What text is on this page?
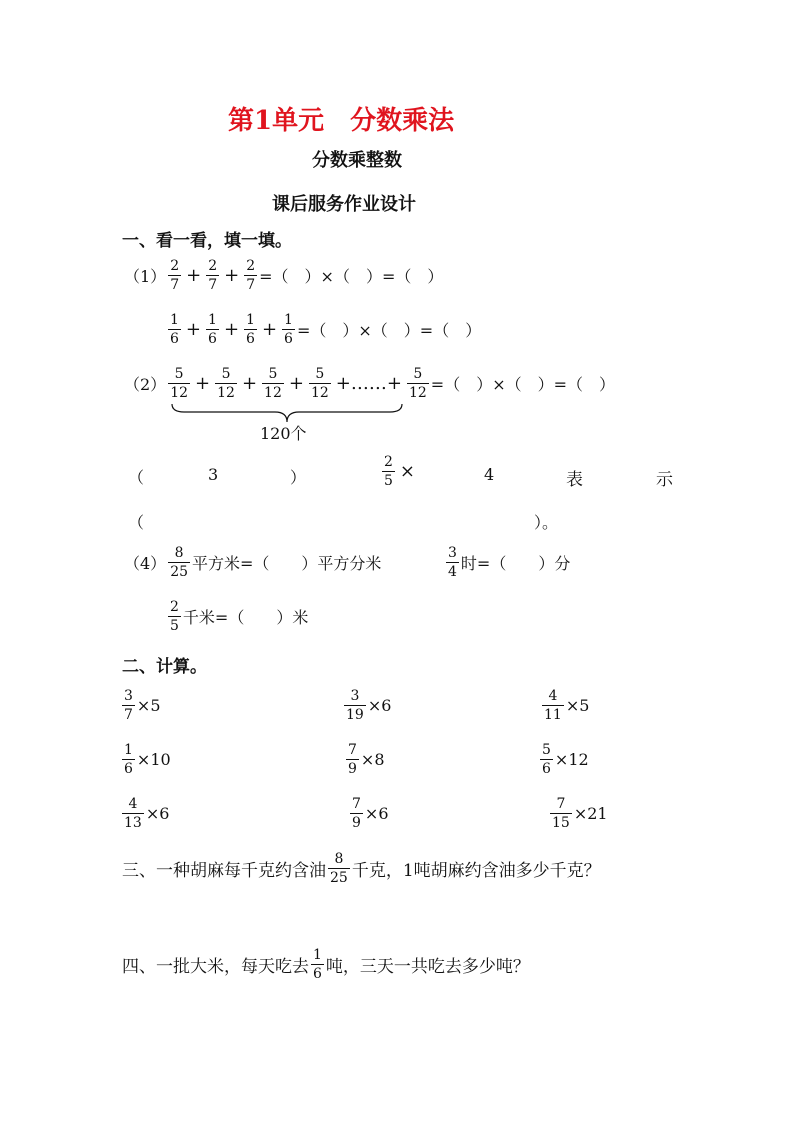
第1单元　分数乘法
分数乘整数
课后服务作业设计
一、看一看，填一填。
$(1) \frac{2}{7} + \frac{2}{7} + \frac{2}{7}$ =（　）×（　）=（　）
$\frac{1}{6} + \frac{1}{6} + \frac{1}{6} + \frac{1}{6}$ =（　）×（　）=（　）
$(2) \frac{5}{12} + \frac{5}{12} + \frac{5}{12} + \frac{5}{12}$ +……+ $\frac{5}{12}$ =（　）×（　）=（　）
120个
（	3	）	$\frac{2}{5}$ ×	4	表	示
（	）。
$(4) \frac{8}{25}$ 平方米=（　　）平方分米	$\frac{3}{4}$ 时=（　　）分
$\frac{2}{5}$ 千米=（　　）米
二、计算。
$\frac{3}{7} \times 5$	$\frac{3}{19} \times 6$	$\frac{4}{11} \times 5$
$\frac{1}{6} \times 10$	$\frac{7}{9} \times 8$	$\frac{5}{6} \times 12$
$\frac{4}{13} \times 6$	$\frac{7}{9} \times 6$	$\frac{7}{15} \times 21$
三、一种胡麻每千克约含油 $\frac{8}{25}$ 千克，1吨胡麻约含油多少千克？
四、一批大米，每天吃去 $\frac{1}{6}$ 吨，三天一共吃去多少吨？
